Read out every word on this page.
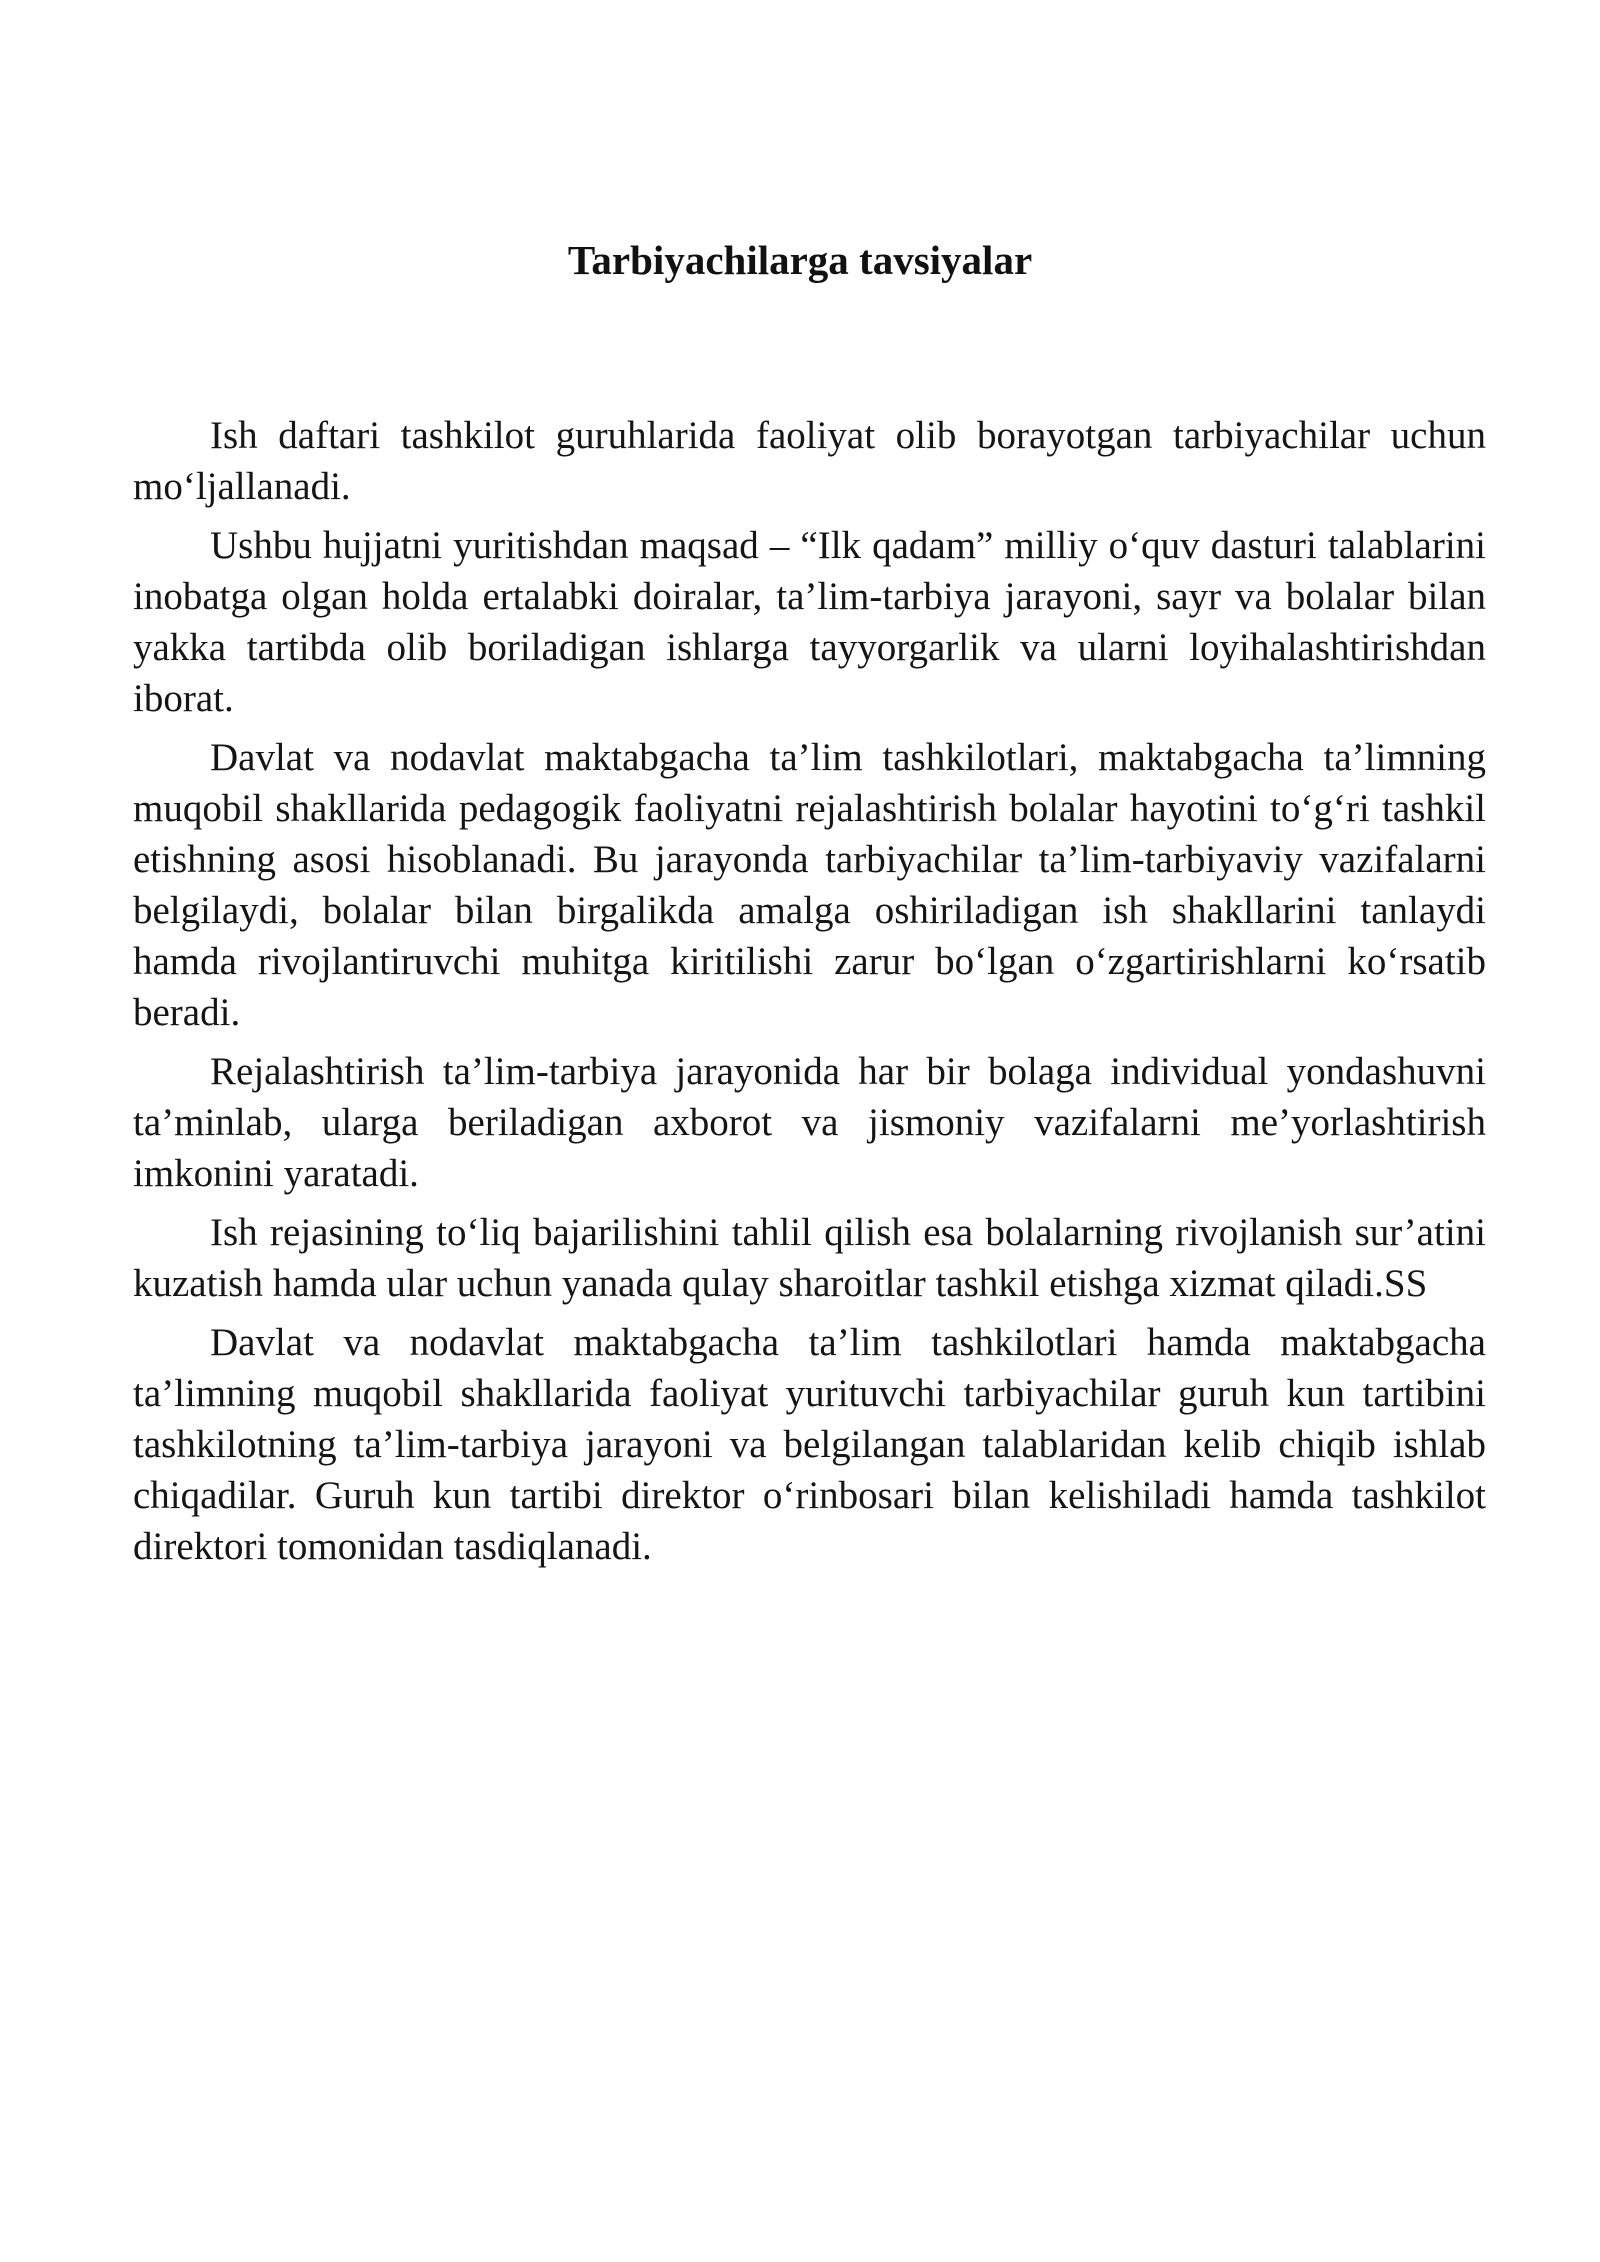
Tarbiyachilarga tavsiyalar

Ish daftari tashkilot guruhlarida faoliyat olib borayotgan tarbiyachilar uchun mo‘ljallanadi.

Ushbu hujjatni yuritishdan maqsad – “Ilk qadam” milliy o‘quv dasturi talablarini inobatga olgan holda ertalabki doiralar, ta’lim-tarbiya jarayoni, sayr va bolalar bilan yakka tartibda olib boriladigan ishlarga tayyorgarlik va ularni loyihalashtirishdan iborat.

Davlat va nodavlat maktabgacha ta’lim tashkilotlari, maktabgacha ta’limning muqobil shakllarida pedagogik faoliyatni rejalashtirish bolalar hayotini to‘g‘ri tashkil etishning asosi hisoblanadi. Bu jarayonda tarbiyachilar ta’lim-tarbiyaviy vazifalarni belgilaydi, bolalar bilan birgalikda amalga oshiriladigan ish shakllarini tanlaydi hamda rivojlantiruvchi muhitga kiritilishi zarur bo‘lgan o‘zgartirishlarni ko‘rsatib beradi.

Rejalashtirish ta’lim-tarbiya jarayonida har bir bolaga individual yondashuvni ta’minlab, ularga beriladigan axborot va jismoniy vazifalarni me’yorlashtirish imkonini yaratadi.

Ish rejasining to‘liq bajarilishini tahlil qilish esa bolalarning rivojlanish sur’atini kuzatish hamda ular uchun yanada qulay sharoitlar tashkil etishga xizmat qiladi.SS

Davlat va nodavlat maktabgacha ta’lim tashkilotlari hamda maktabgacha ta’limning muqobil shakllarida faoliyat yurituvchi tarbiyachilar guruh kun tartibini tashkilotning ta’lim-tarbiya jarayoni va belgilangan talablaridan kelib chiqib ishlab chiqadilar. Guruh kun tartibi direktor o‘rinbosari bilan kelishiladi hamda tashkilot direktori tomonidan tasdiqlanadi.
